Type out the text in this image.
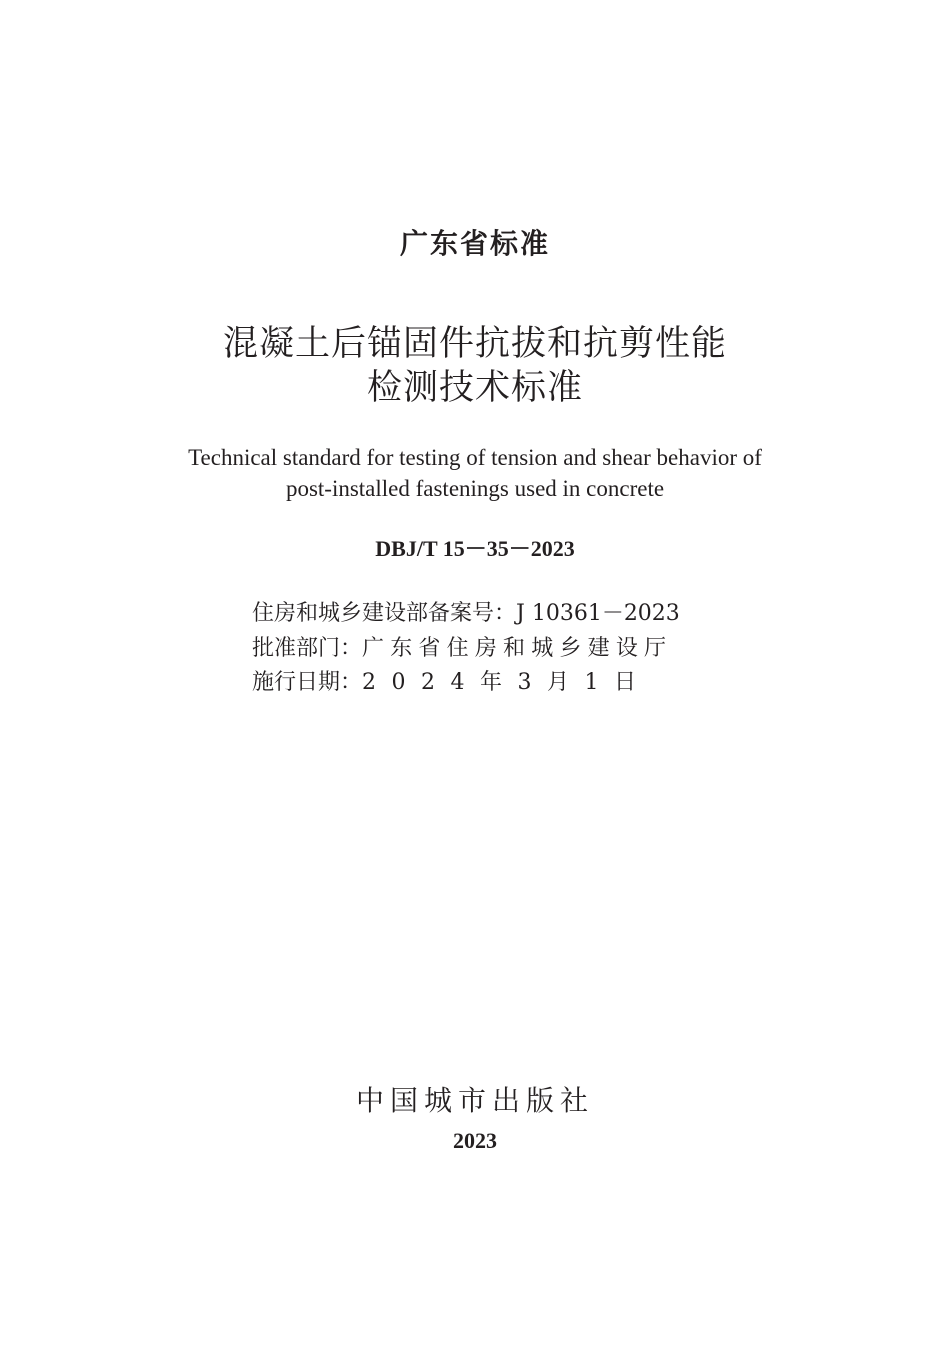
广东省标准
混凝土后锚固件抗拔和抗剪性能
检测技术标准
Technical standard for testing of tension and shear behavior of
post-installed fastenings used in concrete
DBJ/T 15－35－2023
住房和城乡建设部备案号：J 10361－2023
批准部门：广东省住房和城乡建设厅
施行日期：2024年3月1日
中国城市出版社
2023
